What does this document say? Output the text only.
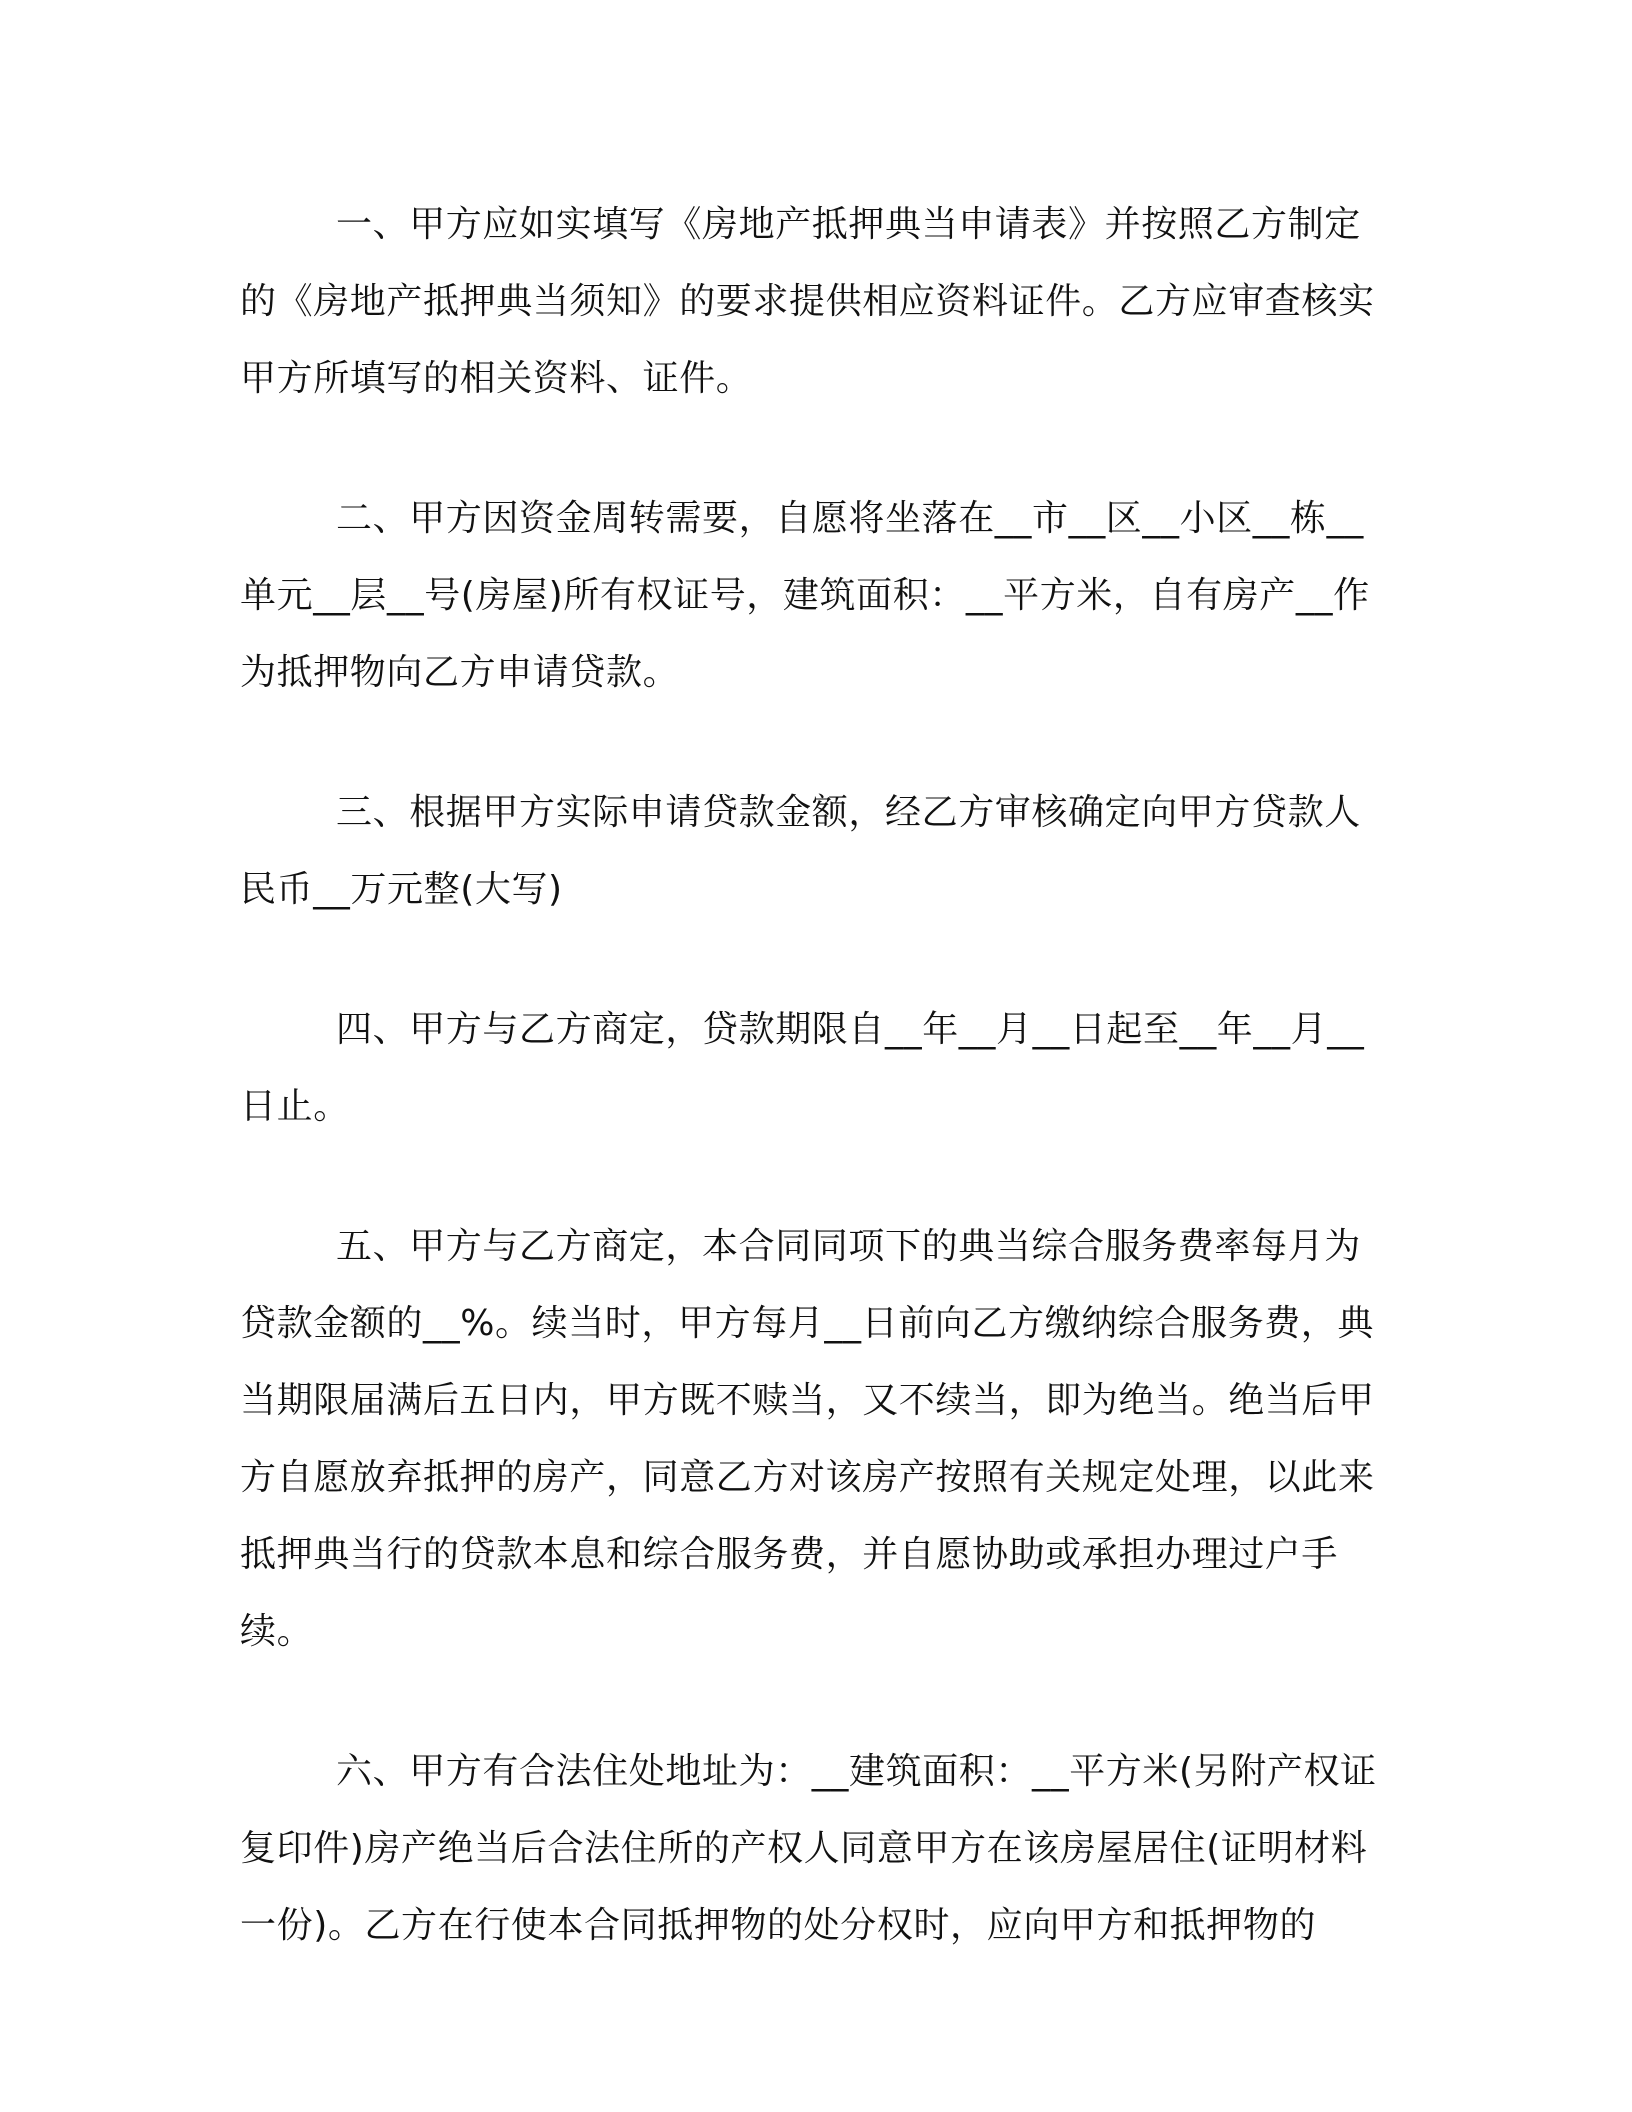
一、甲方应如实填写《房地产抵押典当申请表》并按照乙方制定的《房地产抵押典当须知》的要求提供相应资料证件。乙方应审查核实甲方所填写的相关资料、证件。

二、甲方因资金周转需要，自愿将坐落在__市__区__小区__栋__单元__层__号(房屋)所有权证号，建筑面积：__平方米，自有房产__作为抵押物向乙方申请贷款。

三、根据甲方实际申请贷款金额，经乙方审核确定向甲方贷款人民币__万元整(大写)

四、甲方与乙方商定，贷款期限自__年__月__日起至__年__月__日止。

五、甲方与乙方商定，本合同同项下的典当综合服务费率每月为贷款金额的__%。续当时，甲方每月__日前向乙方缴纳综合服务费，典当期限届满后五日内，甲方既不赎当，又不续当，即为绝当。绝当后甲方自愿放弃抵押的房产，同意乙方对该房产按照有关规定处理，以此来抵押典当行的贷款本息和综合服务费，并自愿协助或承担办理过户手续。

六、甲方有合法住处地址为：__建筑面积：__平方米(另附产权证复印件)房产绝当后合法住所的产权人同意甲方在该房屋居住(证明材料一份)。乙方在行使本合同抵押物的处分权时，应向甲方和抵押物的
